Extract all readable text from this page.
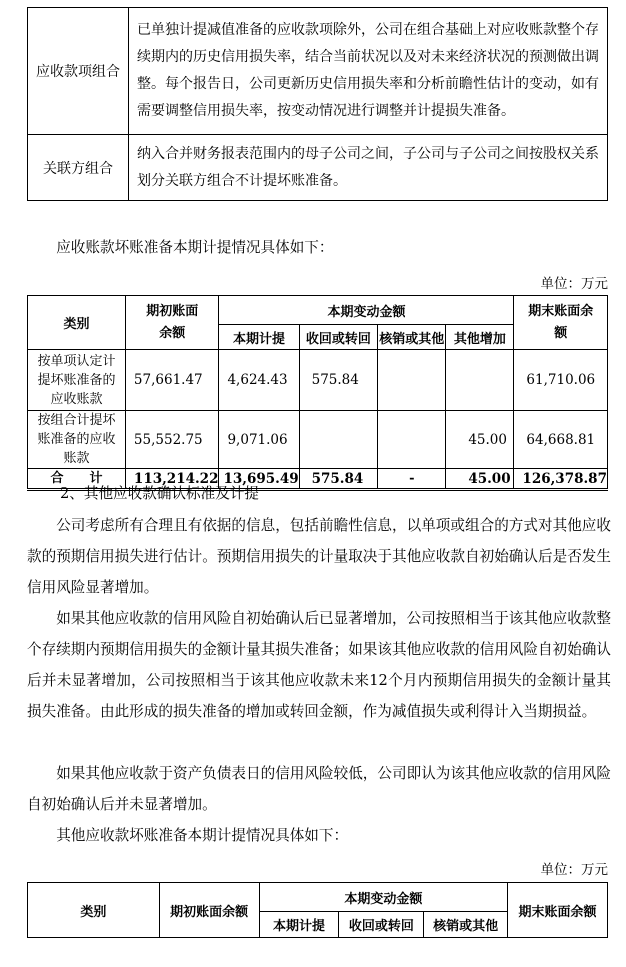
应收款项组合	已单独计提减值准备的应收款项除外，公司在组合基础上对应收账款整个存续期内的历史信用损失率，结合当前状况以及对未来经济状况的预测做出调整。每个报告日，公司更新历史信用损失率和分析前瞻性估计的变动，如有需要调整信用损失率，按变动情况进行调整并计提损失准备。
关联方组合	纳入合并财务报表范围内的母子公司之间，子公司与子公司之间按股权关系划分关联方组合不计提坏账准备。
应收账款坏账准备本期计提情况具体如下：
单位：万元
类别	期初账面余额	本期变动金额				期末账面余额
		本期计提	收回或转回	核销或其他	其他增加	
按单项认定计提坏账准备的应收账款	57,661.47	4,624.43	575.84			61,710.06
按组合计提坏账准备的应收账款	55,552.75	9,071.06			45.00	64,668.81
合　　计	113,214.22	13,695.49	575.84	-	45.00	126,378.87
2、其他应收款确认标准及计提
公司考虑所有合理且有依据的信息，包括前瞻性信息，以单项或组合的方式对其他应收款的预期信用损失进行估计。预期信用损失的计量取决于其他应收款自初始确认后是否发生信用风险显著增加。
如果其他应收款的信用风险自初始确认后已显著增加，公司按照相当于该其他应收款整个存续期内预期信用损失的金额计量其损失准备；如果该其他应收款的信用风险自初始确认后并未显著增加，公司按照相当于该其他应收款未来12个月内预期信用损失的金额计量其损失准备。由此形成的损失准备的增加或转回金额，作为减值损失或利得计入当期损益。
如果其他应收款于资产负债表日的信用风险较低，公司即认为该其他应收款的信用风险自初始确认后并未显著增加。
其他应收款坏账准备本期计提情况具体如下：
单位：万元
类别	期初账面余额	本期变动金额			期末账面余额
		本期计提	收回或转回	核销或其他	
